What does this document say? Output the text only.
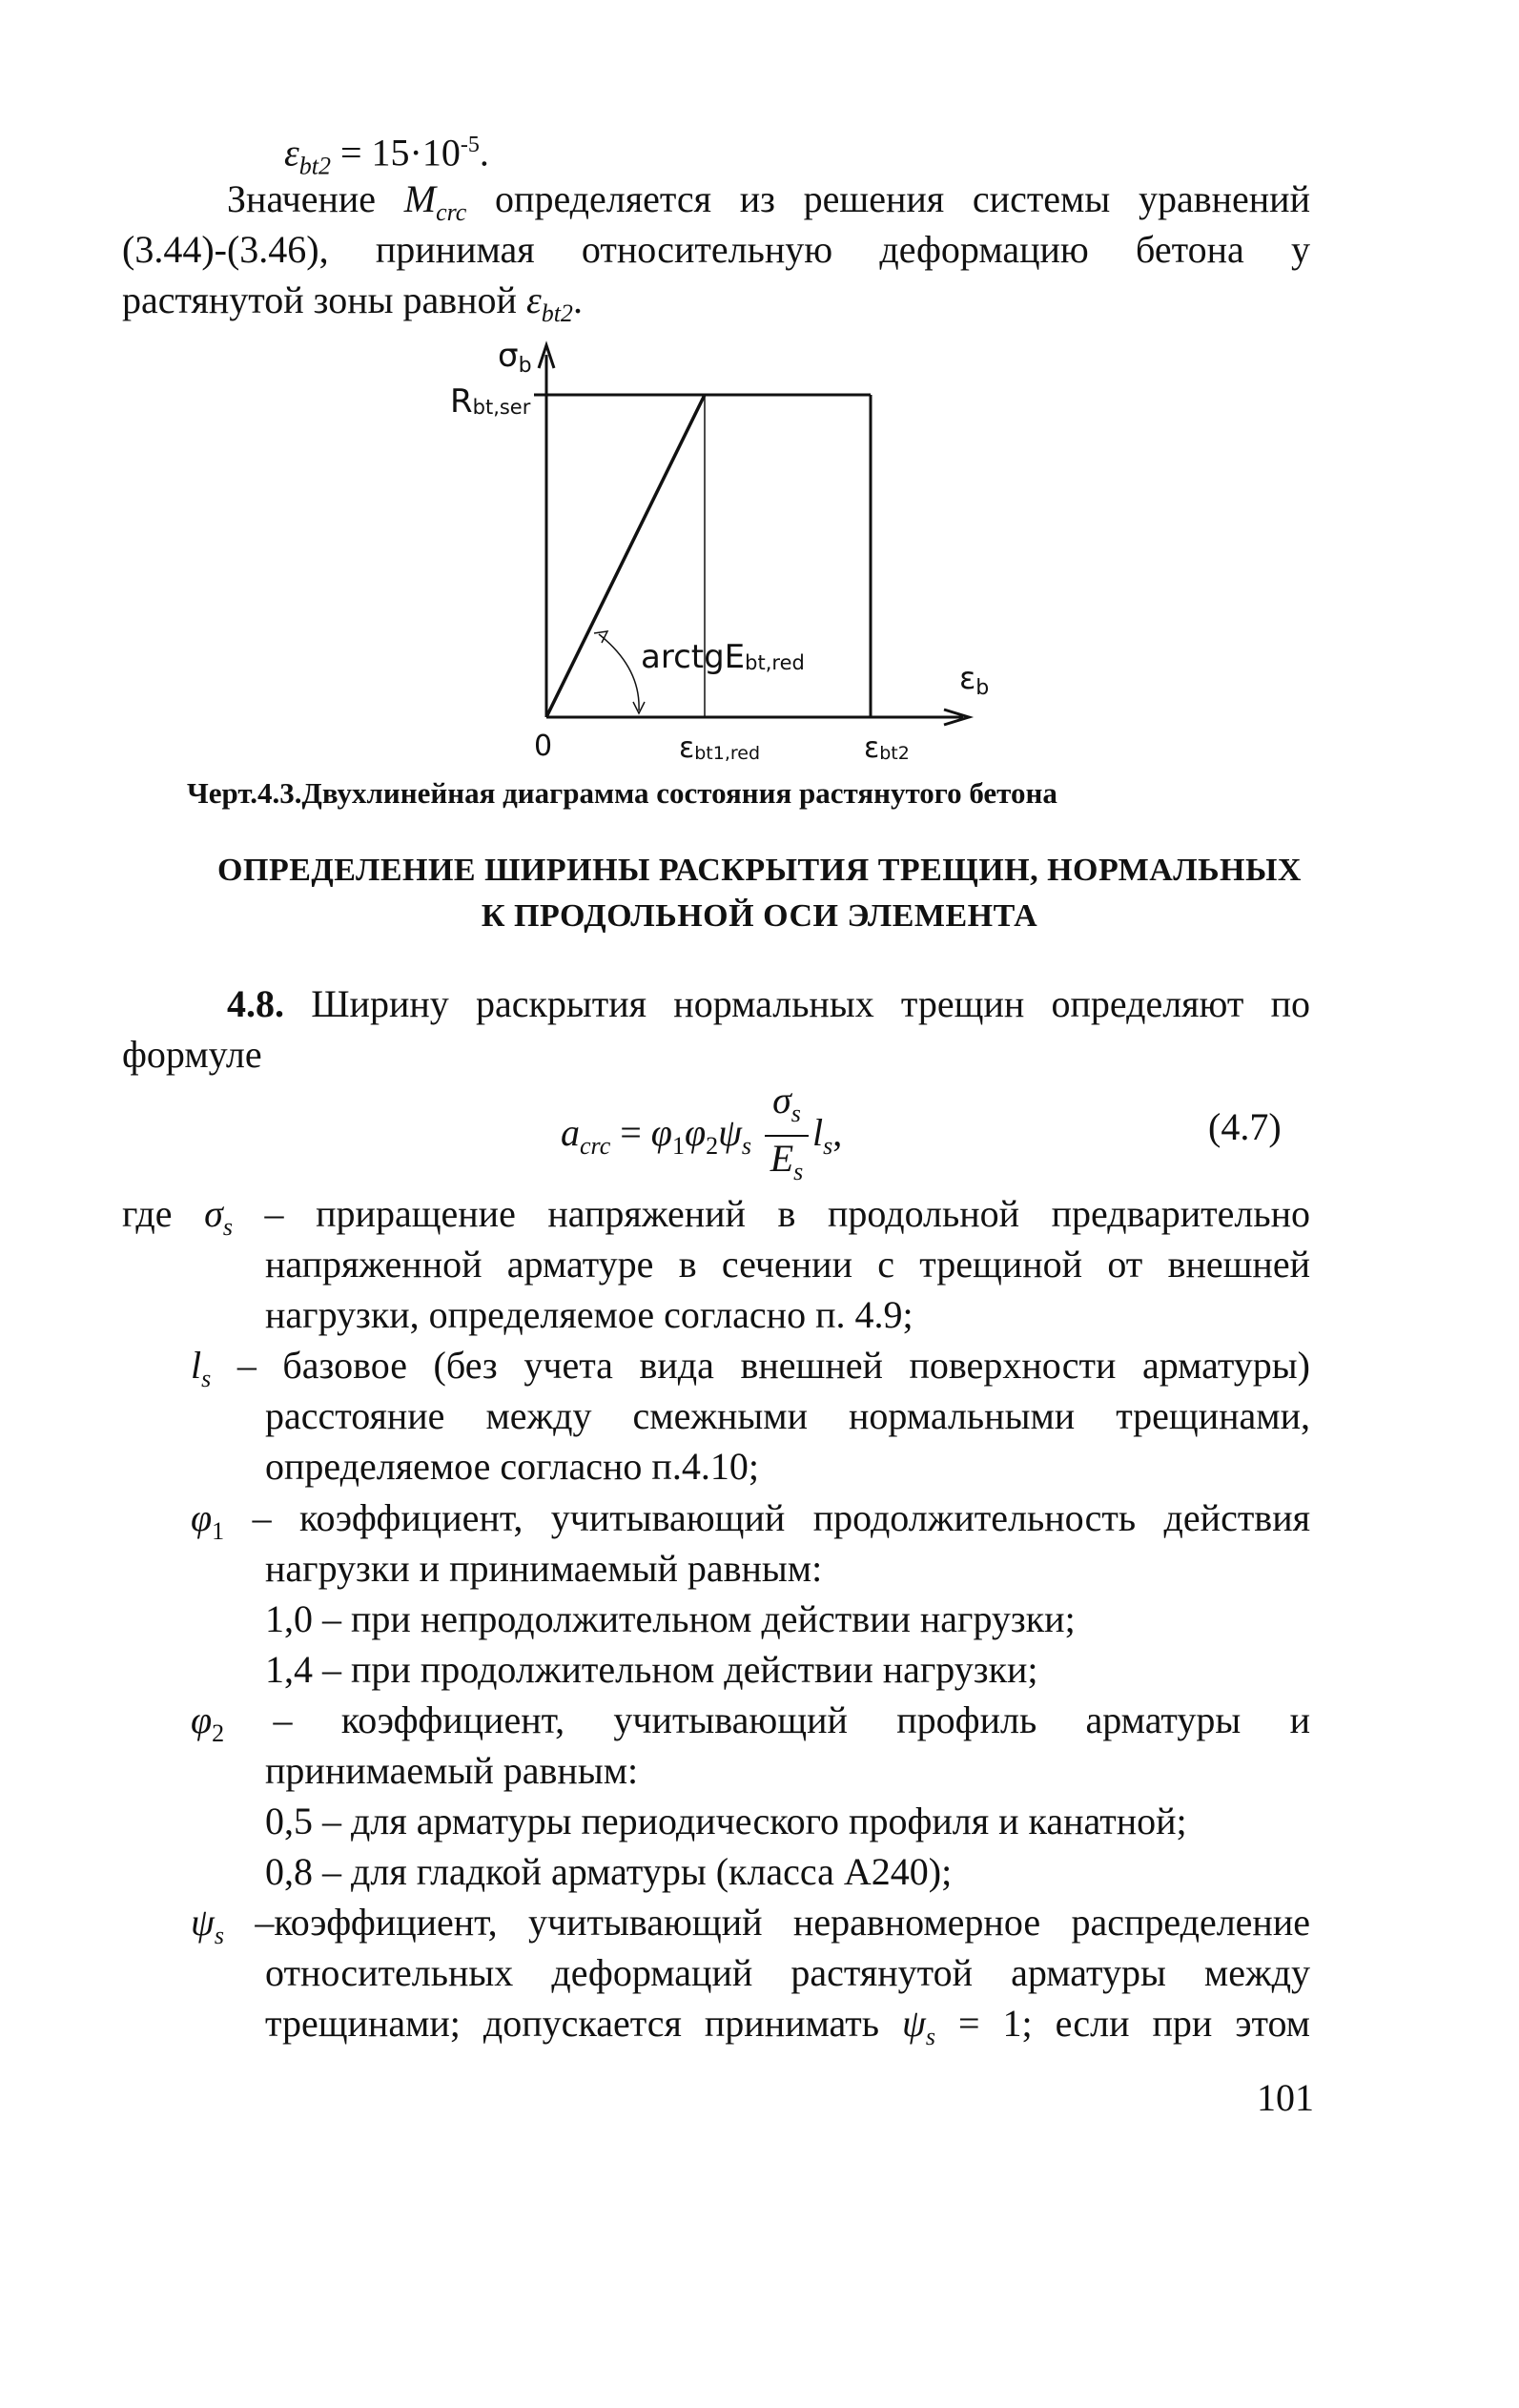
$\varepsilon_{bt2} = 15\cdot 10^{-5}$.
Значение $M_{crc}$ определяется из решения системы уравнений
(3.44)-(3.46), принимая относительную деформацию бетона у
растянутой зоны равной $\varepsilon_{bt2}$.
σb
Rbt,ser
arctgEbt,red	εb
0	εbt1,red	εbt2
Черт.4.3.Двухлинейная диаграмма состояния растянутого бетона
ОПРЕДЕЛЕНИЕ ШИРИНЫ РАСКРЫТИЯ ТРЕЩИН, НОРМАЛЬНЫХ
К ПРОДОЛЬНОЙ ОСИ ЭЛЕМЕНТА
4.8. Ширину раскрытия нормальных трещин определяют по
формуле
$a_{crc} = \varphi_1\varphi_2\psi_s$
$\sigma_s$
$E_s$
$l_s$,	(4.7)
где $\sigma_s$ – приращение напряжений в продольной предварительно
напряженной арматуре в сечении с трещиной от внешней
нагрузки, определяемое согласно п. 4.9;
$l_s$ – базовое (без учета вида внешней поверхности арматуры)
расстояние между смежными нормальными трещинами,
определяемое согласно п.4.10;
$\varphi_1$ – коэффициент, учитывающий продолжительность действия
нагрузки и принимаемый равным:
1,0 – при непродолжительном действии нагрузки;
1,4 – при продолжительном действии нагрузки;
$\varphi_2$ – коэффициент, учитывающий профиль арматуры и
принимаемый равным:
0,5 – для арматуры периодического профиля и канатной;
0,8 – для гладкой арматуры (класса А240);
$\psi_s$ –коэффициент, учитывающий неравномерное распределение
относительных деформаций растянутой арматуры между
трещинами; допускается принимать $\psi_s = 1$; если при этом
101
